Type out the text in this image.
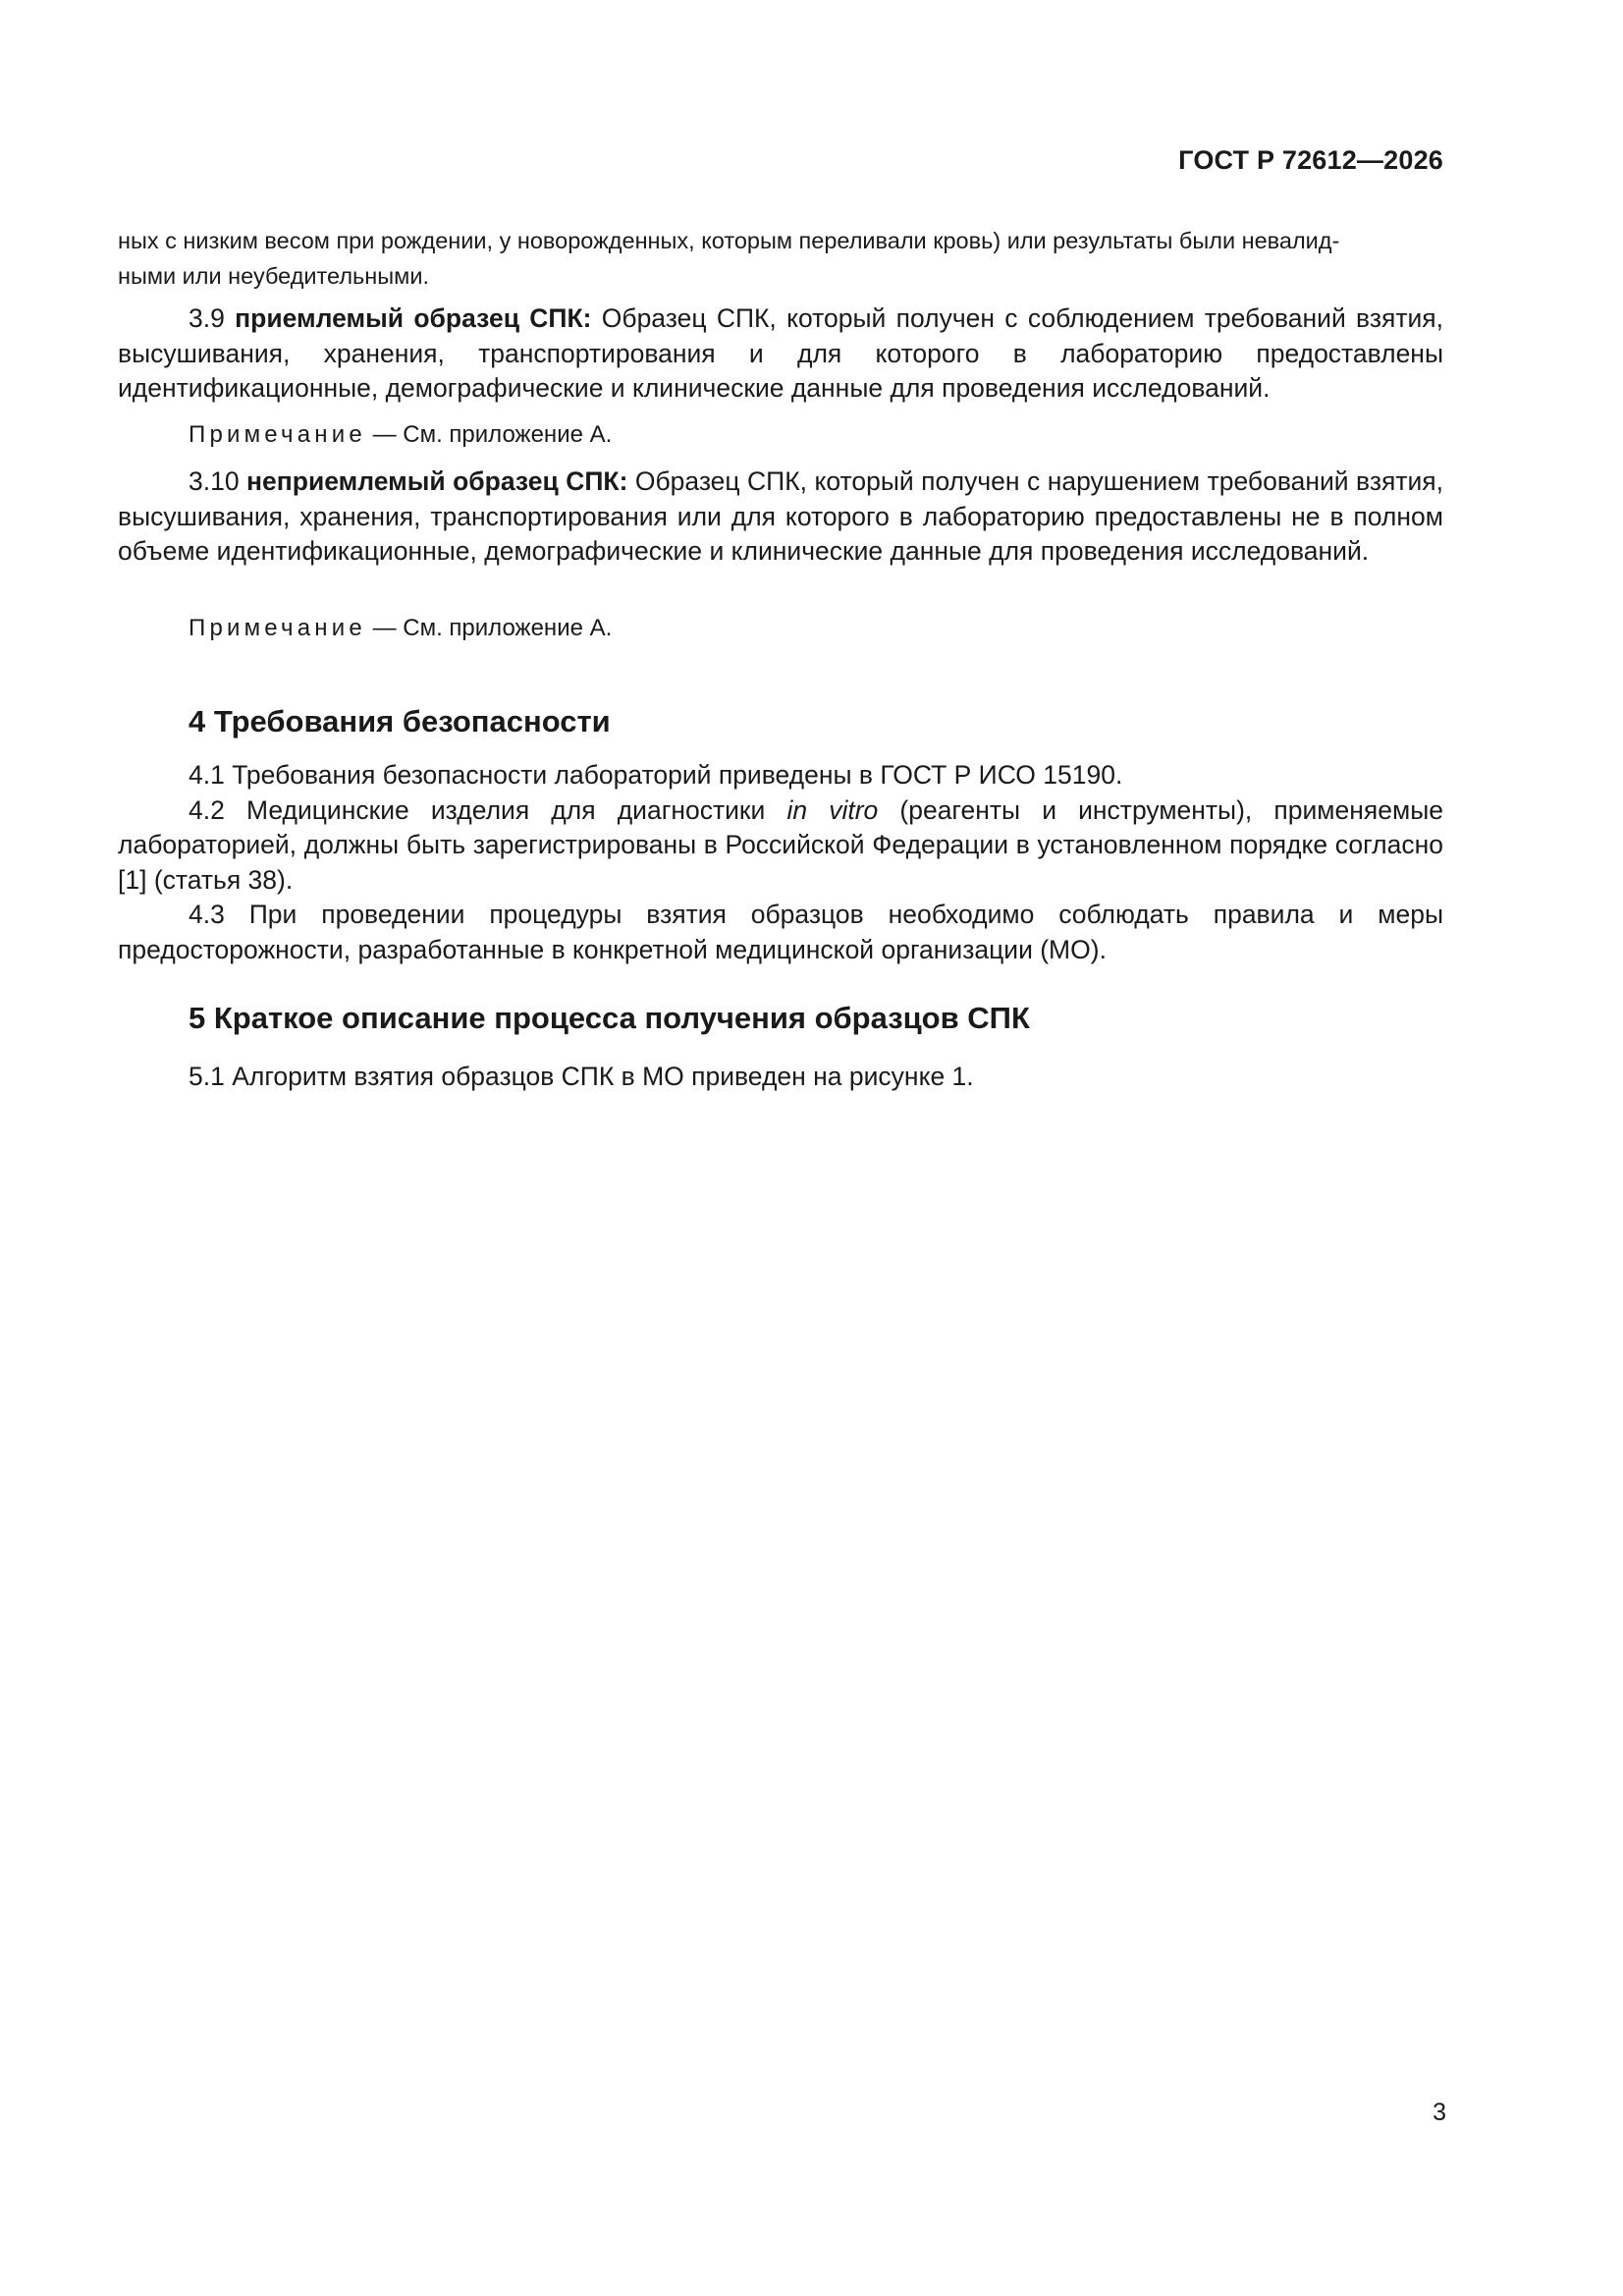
ГОСТ Р 72612—2026
ных с низким весом при рождении, у новорожденных, которым переливали кровь) или результаты были невалид-
ными или неубедительными.

3.9 приемлемый образец СПК: Образец СПК, который получен с соблюдением требований взятия, высушивания, хранения, транспортирования и для которого в лабораторию предоставлены идентификационные, демографические и клинические данные для проведения исследований.

Примечание — См. приложение А.

3.10 неприемлемый образец СПК: Образец СПК, который получен с нарушением требований взятия, высушивания, хранения, транспортирования или для которого в лабораторию предоставлены не в полном объеме идентификационные, демографические и клинические данные для проведения исследований.

Примечание — См. приложение А.
4 Требования безопасности

4.1 Требования безопасности лабораторий приведены в ГОСТ Р ИСО 15190.

4.2 Медицинские изделия для диагностики in vitro (реагенты и инструменты), применяемые лабораторией, должны быть зарегистрированы в Российской Федерации в установленном порядке согласно [1] (статья 38).

4.3 При проведении процедуры взятия образцов необходимо соблюдать правила и меры предосторожности, разработанные в конкретной медицинской организации (МО).

5 Краткое описание процесса получения образцов СПК

5.1 Алгоритм взятия образцов СПК в МО приведен на рисунке 1.

3
